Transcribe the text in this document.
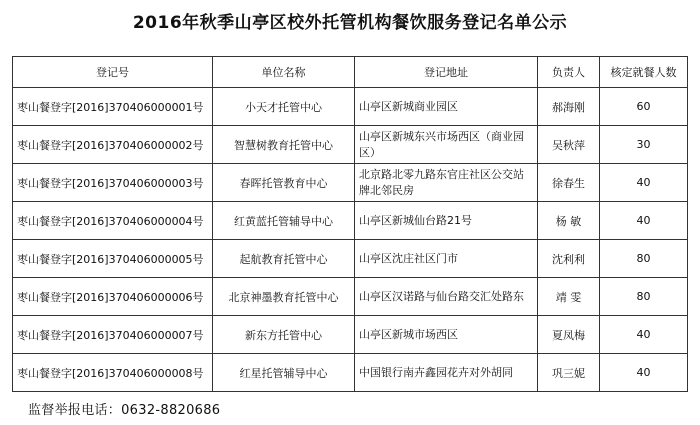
2016年秋季山亭区校外托管机构餐饮服务登记名单公示
登记号	单位名称	登记地址	负责人	核定就餐人数
枣山餐登字[2016]370406000001号	小天才托管中心	山亭区新城商业园区	郝海刚	60
枣山餐登字[2016]370406000002号	智慧树教育托管中心	山亭区新城东兴市场西区（商业园区）	吴秋萍	30
枣山餐登字[2016]370406000003号	春晖托管教育中心	北京路北零九路东官庄社区公交站牌北邻民房	徐春生	40
枣山餐登字[2016]370406000004号	红黄蓝托管辅导中心	山亭区新城仙台路21号	杨 敏	40
枣山餐登字[2016]370406000005号	起航教育托管中心	山亭区沈庄社区门市	沈利利	80
枣山餐登字[2016]370406000006号	北京神墨教育托管中心	山亭区汉诺路与仙台路交汇处路东	靖 雯	80
枣山餐登字[2016]370406000007号	新东方托管中心	山亭区新城市场西区	夏凤梅	40
枣山餐登字[2016]370406000008号	红星托管辅导中心	中国银行南卉鑫园花卉对外胡同	巩三妮	40
监督举报电话：0632-8820686
